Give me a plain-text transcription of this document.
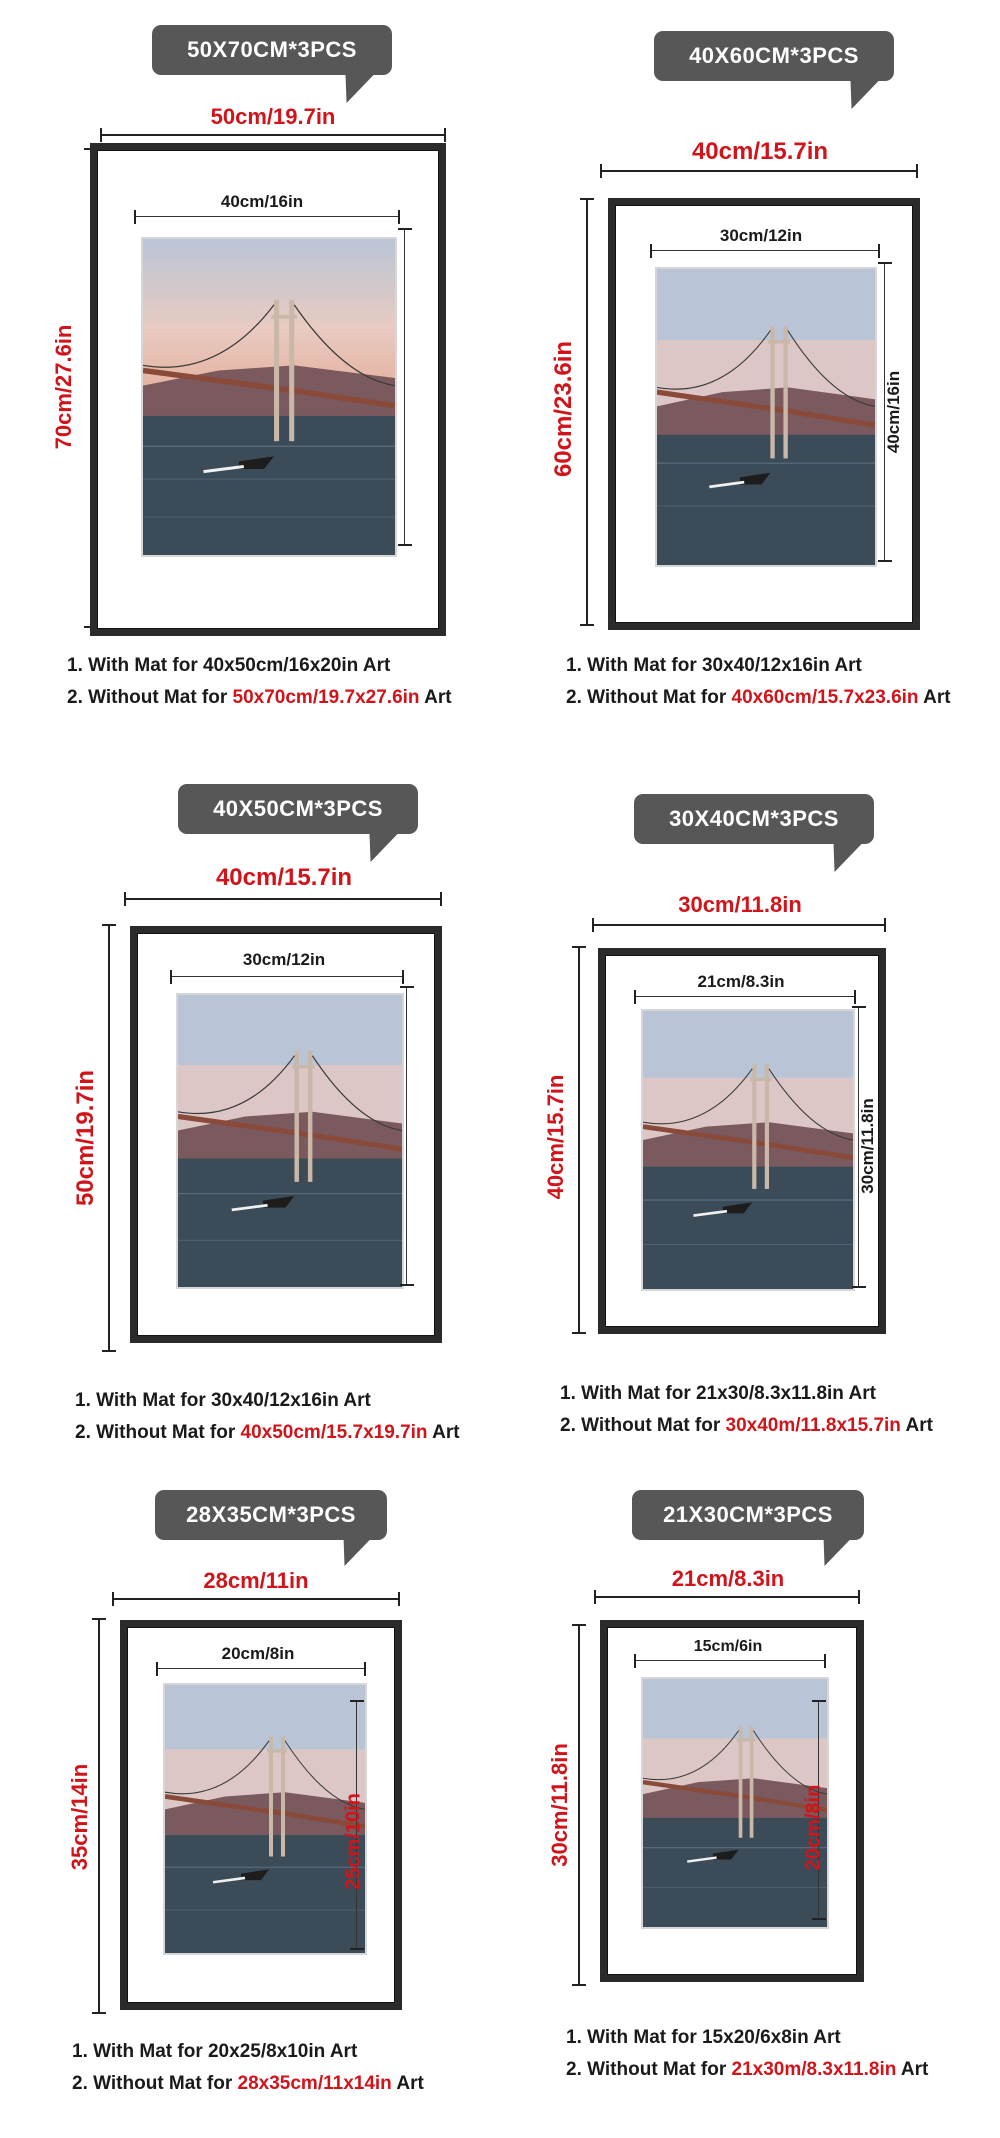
50X70CM*3PCS
50cm/19.7in
70cm/27.6in
40cm/16in
1. With Mat for 40x50cm/16x20in Art
2. Without Mat for 50x70cm/19.7x27.6in Art
40X60CM*3PCS
40cm/15.7in
60cm/23.6in
30cm/12in
40cm/16in
1. With Mat for 30x40/12x16in Art
2. Without Mat for 40x60cm/15.7x23.6in Art
40X50CM*3PCS
40cm/15.7in
50cm/19.7in
30cm/12in
1. With Mat for 30x40/12x16in Art
2. Without Mat for 40x50cm/15.7x19.7in Art
30X40CM*3PCS
30cm/11.8in
40cm/15.7in
21cm/8.3in
30cm/11.8in
1. With Mat for 21x30/8.3x11.8in Art
2. Without Mat for 30x40m/11.8x15.7in Art
28X35CM*3PCS
28cm/11in
35cm/14in
20cm/8in
25cm/10in
1. With Mat for 20x25/8x10in Art
2. Without Mat for 28x35cm/11x14in Art
21X30CM*3PCS
21cm/8.3in
30cm/11.8in
15cm/6in
20cm/8in
1. With Mat for 15x20/6x8in Art
2. Without Mat for 21x30m/8.3x11.8in Art
